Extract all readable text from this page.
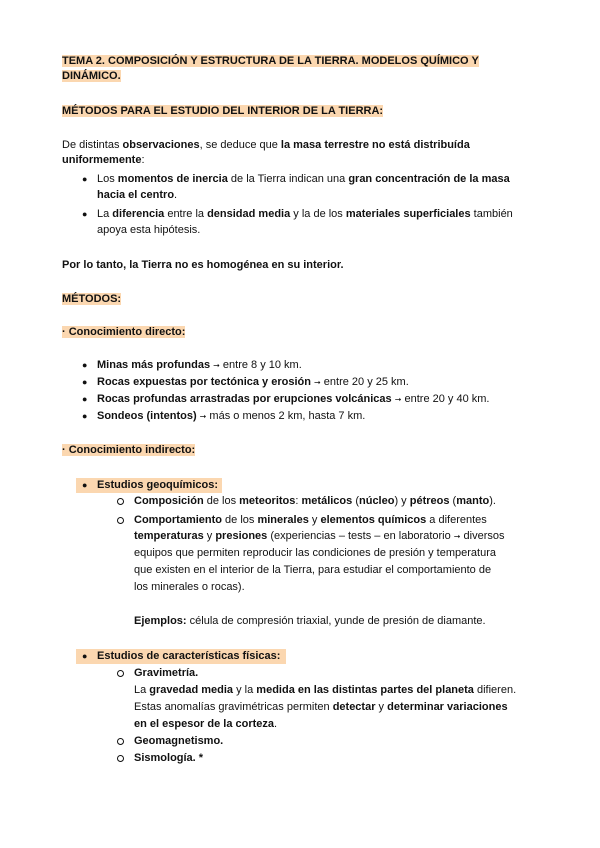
TEMA 2. COMPOSICIÓN Y ESTRUCTURA DE LA TIERRA. MODELOS QUÍMICO Y
DINÁMICO.
MÉTODOS PARA EL ESTUDIO DEL INTERIOR DE LA TIERRA:
De distintas observaciones, se deduce que la masa terrestre no está distribuída
uniformemente:
● Los momentos de inercia de la Tierra indican una gran concentración de la masa
hacia el centro.
● La diferencia entre la densidad media y la de los materiales superficiales también
apoya esta hipótesis.
Por lo tanto, la Tierra no es homogénea en su interior.
MÉTODOS:
· Conocimiento directo:
● Minas más profundas ➞ entre 8 y 10 km.
● Rocas expuestas por tectónica y erosión ➞ entre 20 y 25 km.
● Rocas profundas arrastradas por erupciones volcánicas ➞ entre 20 y 40 km.
● Sondeos (intentos) ➞ más o menos 2 km, hasta 7 km.
· Conocimiento indirecto:
● Estudios geoquímicos:
Composición de los meteoritos: metálicos (núcleo) y pétreos (manto).
Comportamiento de los minerales y elementos químicos a diferentes
temperaturas y presiones (experiencias – tests – en laboratorio ➞ diversos
equipos que permiten reproducir las condiciones de presión y temperatura
que existen en el interior de la Tierra, para estudiar el comportamiento de
los minerales o rocas).
Ejemplos: célula de compresión triaxial, yunde de presión de diamante.
● Estudios de características físicas:
Gravimetría.
La gravedad media y la medida en las distintas partes del planeta difieren.
Estas anomalías gravimétricas permiten detectar y determinar variaciones
en el espesor de la corteza.
Geomagnetismo.
Sismología. *
